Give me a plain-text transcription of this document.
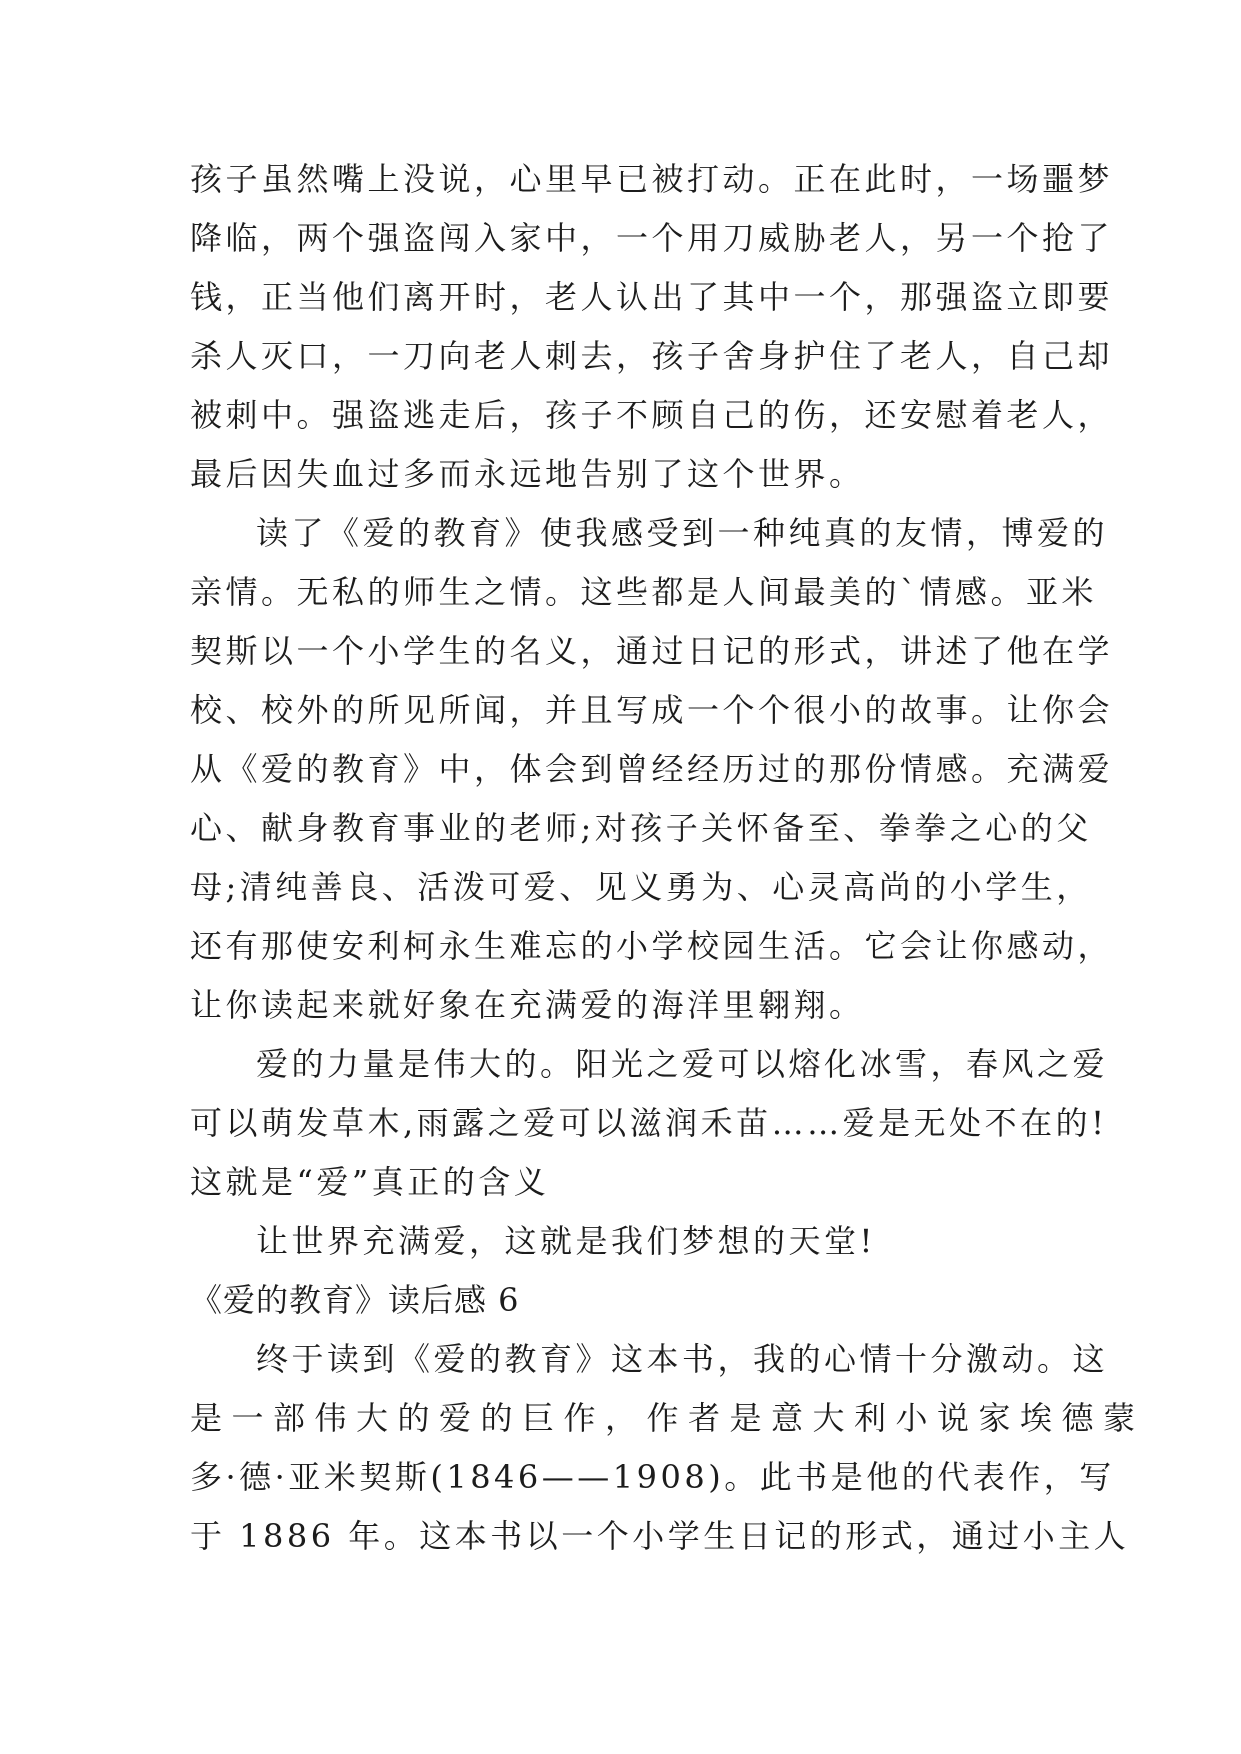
孩子虽然嘴上没说，心里早已被打动。正在此时，一场噩梦
降临，两个强盗闯入家中，一个用刀威胁老人，另一个抢了
钱，正当他们离开时，老人认出了其中一个，那强盗立即要
杀人灭口，一刀向老人刺去，孩子舍身护住了老人，自己却
被刺中。强盗逃走后，孩子不顾自己的伤，还安慰着老人，
最后因失血过多而永远地告别了这个世界。
读了《爱的教育》使我感受到一种纯真的友情，博爱的
亲情。无私的师生之情。这些都是人间最美的`情感。亚米
契斯以一个小学生的名义，通过日记的形式，讲述了他在学
校、校外的所见所闻，并且写成一个个很小的故事。让你会
从《爱的教育》中，体会到曾经经历过的那份情感。充满爱
心、献身教育事业的老师;对孩子关怀备至、拳拳之心的父
母;清纯善良、活泼可爱、见义勇为、心灵高尚的小学生，
还有那使安利柯永生难忘的小学校园生活。它会让你感动，
让你读起来就好象在充满爱的海洋里翱翔。
爱的力量是伟大的。阳光之爱可以熔化冰雪，春风之爱
可以萌发草木,雨露之爱可以滋润禾苗……爱是无处不在的!
这就是“爱”真正的含义
让世界充满爱，这就是我们梦想的天堂!
《爱的教育》读后感 6
终于读到《爱的教育》这本书，我的心情十分激动。这
是一部伟大的爱的巨作，作者是意大利小说家埃德蒙
多·德·亚米契斯(1846——1908)。此书是他的代表作，写
于 1886 年。这本书以一个小学生日记的形式，通过小主人
